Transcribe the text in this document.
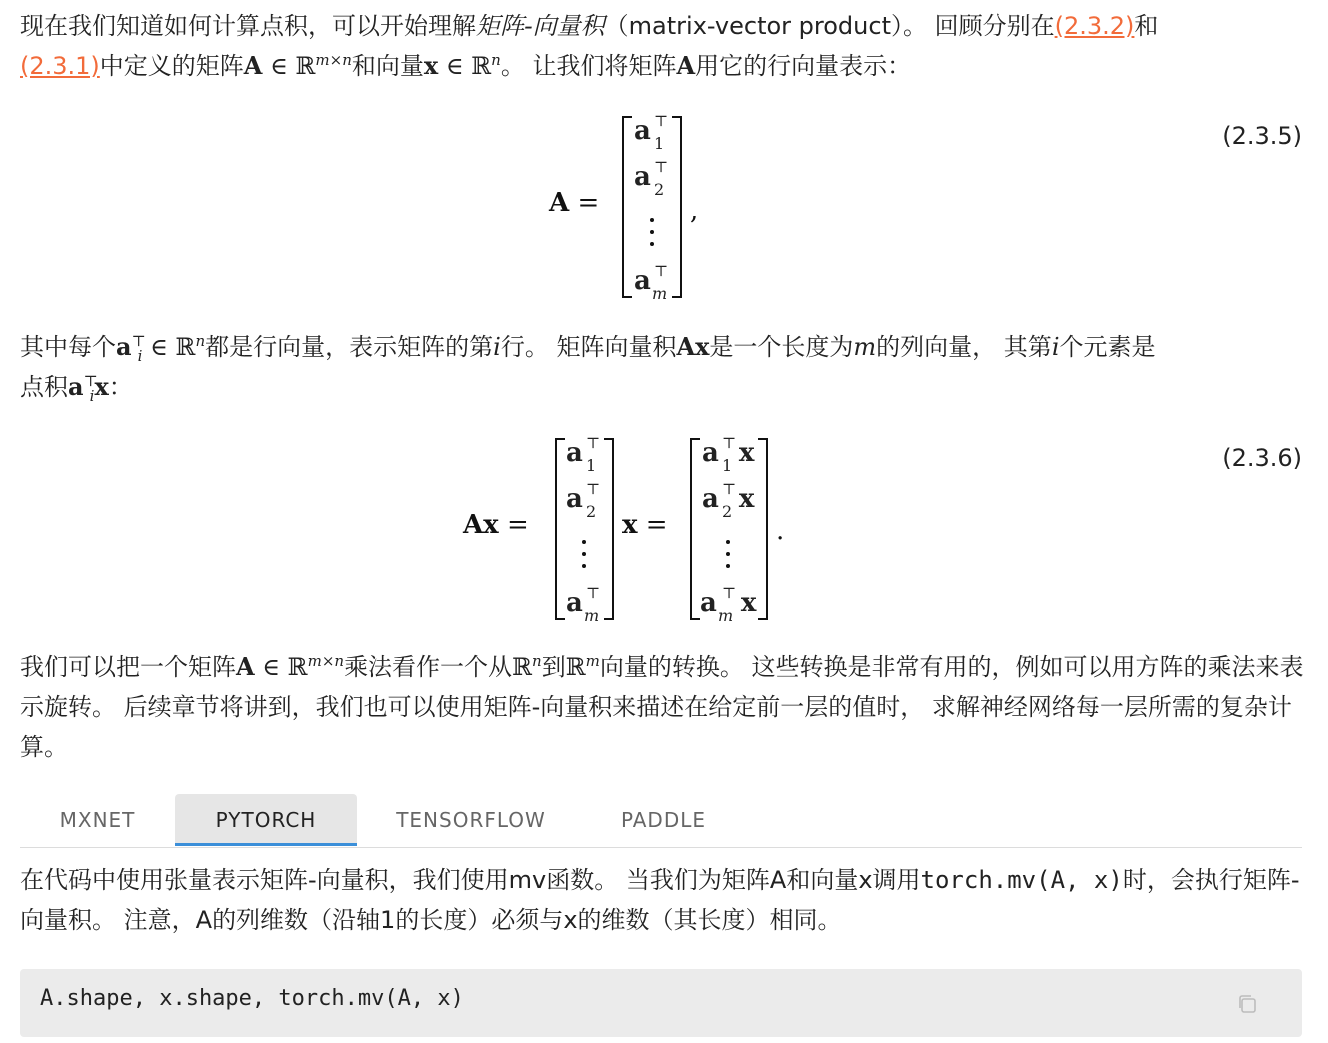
现在我们知道如何计算点积，可以开始理解矩阵-向量积（matrix-vector product）。 回顾分别在(2.3.2)和
(2.3.1)中定义的矩阵A ∈ ℝ$^{m\times n}$和向量x ∈ ℝ$^n$。 让我们将矩阵A用它的行向量表示：
A =
a ⊤
1
a ⊤
2
a ⊤
m
,
(2.3.5)
其中每个$a^⊤_i$ ∈ ℝ$^n$都是行向量，表示矩阵的第i行。 矩阵向量积Ax是一个长度为m的列向量， 其第i个元素是
点积$a^⊤_ix$：
Ax =
a ⊤
1
a ⊤
2
a ⊤
m
x =
a ⊤
1 x
a ⊤
2 x
a ⊤
m x
.
(2.3.6)
我们可以把一个矩阵A ∈ ℝ$^{m\times n}$乘法看作一个从ℝ$^n$到ℝ$^m$向量的转换。 这些转换是非常有用的，例如可以用方阵的乘法来表示旋转。 后续章节将讲到，我们也可以使用矩阵-向量积来描述在给定前一层的值时， 求解神经网络每一层所需的复杂计算。
MXNET	PYTORCH	TENSORFLOW	PADDLE
在代码中使用张量表示矩阵-向量积，我们使用mv函数。 当我们为矩阵A和向量x调用torch.mv(A, x)时，会执行矩阵-向量积。 注意，A的列维数（沿轴1的长度）必须与x的维数（其长度）相同。
A.shape, x.shape, torch.mv(A, x)
